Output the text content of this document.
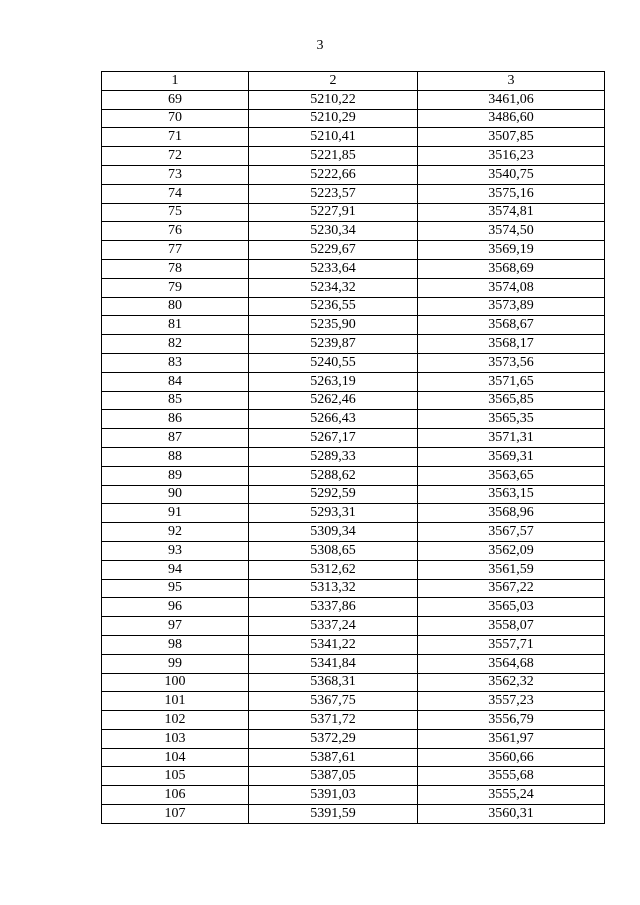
3
1	2	3
69	5210,22	3461,06
70	5210,29	3486,60
71	5210,41	3507,85
72	5221,85	3516,23
73	5222,66	3540,75
74	5223,57	3575,16
75	5227,91	3574,81
76	5230,34	3574,50
77	5229,67	3569,19
78	5233,64	3568,69
79	5234,32	3574,08
80	5236,55	3573,89
81	5235,90	3568,67
82	5239,87	3568,17
83	5240,55	3573,56
84	5263,19	3571,65
85	5262,46	3565,85
86	5266,43	3565,35
87	5267,17	3571,31
88	5289,33	3569,31
89	5288,62	3563,65
90	5292,59	3563,15
91	5293,31	3568,96
92	5309,34	3567,57
93	5308,65	3562,09
94	5312,62	3561,59
95	5313,32	3567,22
96	5337,86	3565,03
97	5337,24	3558,07
98	5341,22	3557,71
99	5341,84	3564,68
100	5368,31	3562,32
101	5367,75	3557,23
102	5371,72	3556,79
103	5372,29	3561,97
104	5387,61	3560,66
105	5387,05	3555,68
106	5391,03	3555,24
107	5391,59	3560,31
